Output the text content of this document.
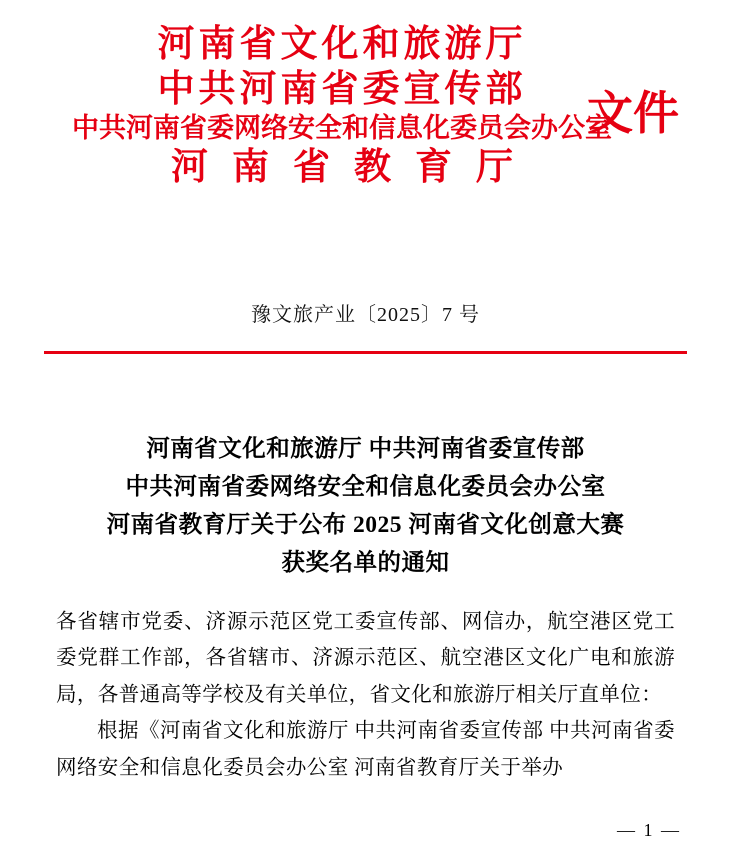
河南省文化和旅游厅
中共河南省委宣传部
中共河南省委网络安全和信息化委员会办公室
河南省教育厅
文件
豫文旅产业〔2025〕7 号
河南省文化和旅游厅 中共河南省委宣传部
中共河南省委网络安全和信息化委员会办公室
河南省教育厅关于公布 2025 河南省文化创意大赛
获奖名单的通知

各省辖市党委、济源示范区党工委宣传部、网信办，航空港区党工委党群工作部，各省辖市、济源示范区、航空港区文化广电和旅游局，各普通高等学校及有关单位，省文化和旅游厅相关厅直单位：

根据《河南省文化和旅游厅 中共河南省委宣传部 中共河南省委网络安全和信息化委员会办公室 河南省教育厅关于举办

— 1 —
